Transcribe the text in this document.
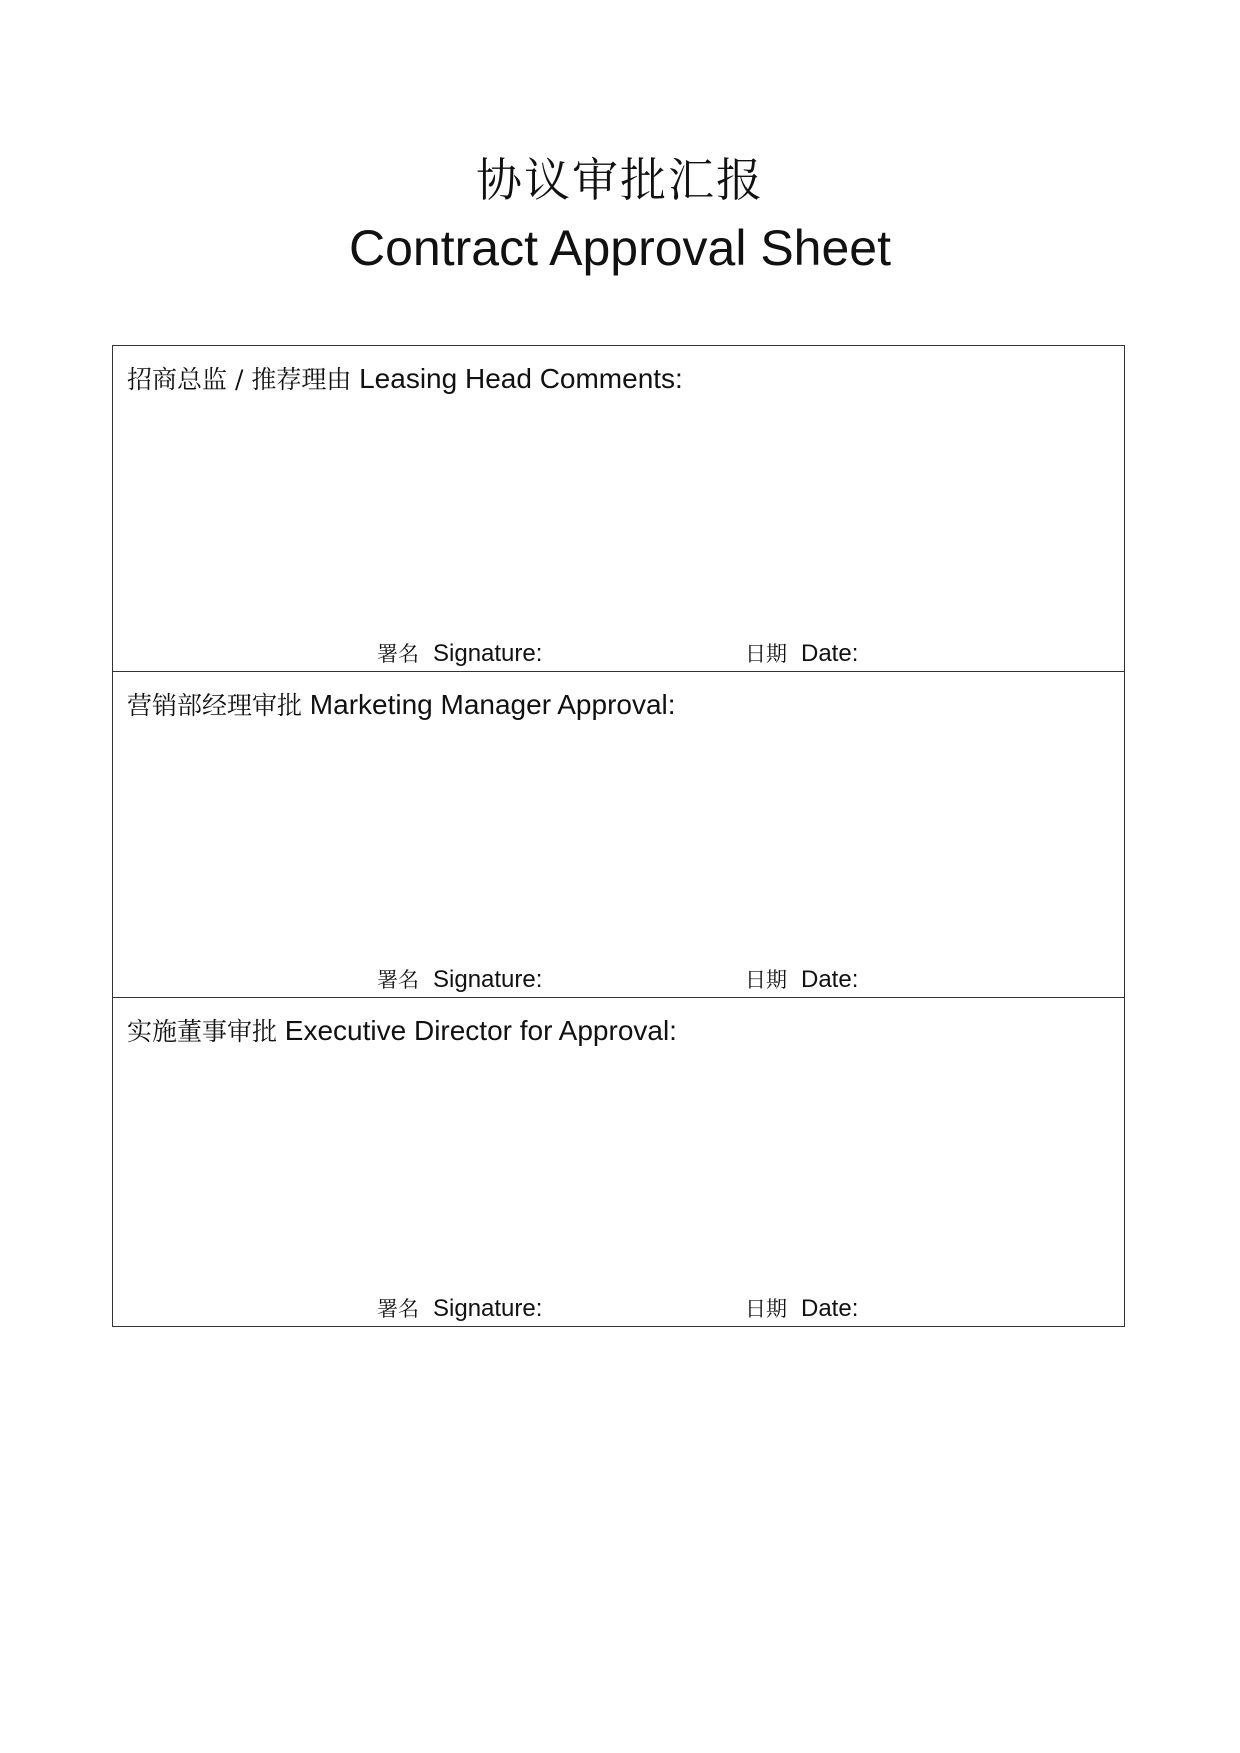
协议审批汇报
Contract Approval Sheet
招商总监 / 推荐理由 Leasing Head Comments:
署名 Signature:	日期 Date:
营销部经理审批 Marketing Manager Approval:
署名 Signature:	日期 Date:
实施董事审批 Executive Director for Approval:
署名 Signature:	日期 Date:
